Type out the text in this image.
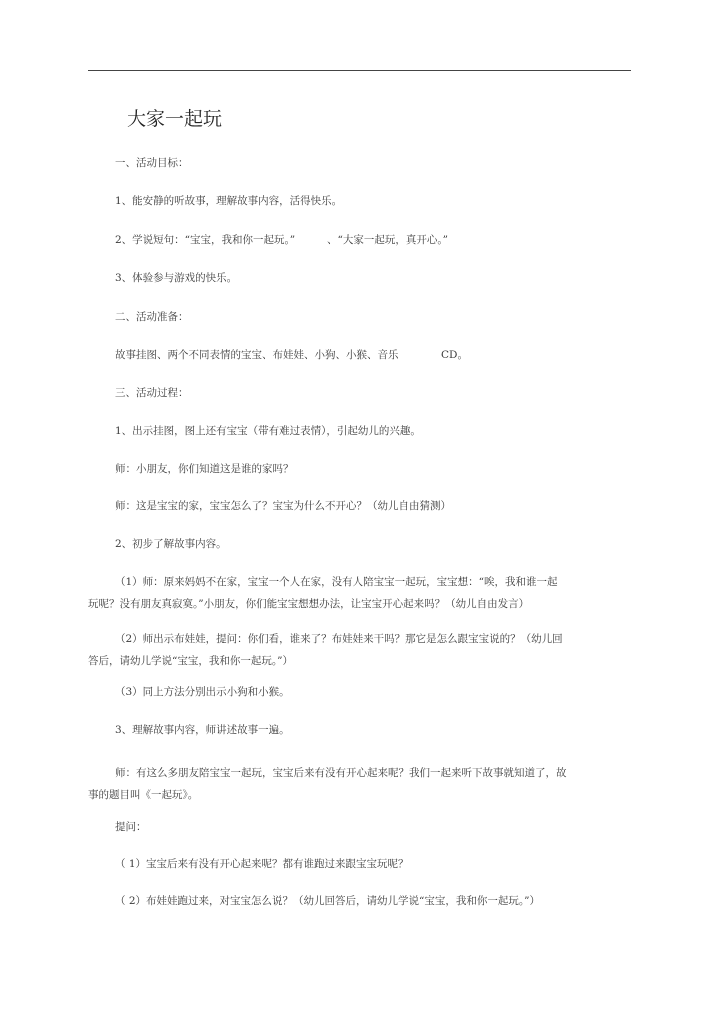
大家一起玩
一、活动目标：
1、能安静的听故事，理解故事内容，活得快乐。
2、学说短句：“宝宝，我和你一起玩。”	、“大家一起玩，真开心。”
3、体验参与游戏的快乐。
二、活动准备：
故事挂图、两个不同表情的宝宝、布娃娃、小狗、小猴、音乐	CD。
三、活动过程：
1、出示挂图，图上还有宝宝（带有难过表情），引起幼儿的兴趣。
师：小朋友，你们知道这是谁的家吗？
师：这是宝宝的家，宝宝怎么了？宝宝为什么不开心？（幼儿自由猜测）
2、初步了解故事内容。
（1）师：原来妈妈不在家，宝宝一个人在家，没有人陪宝宝一起玩，宝宝想：“唉，我和谁一起
玩呢？没有朋友真寂寞。”小朋友，你们能宝宝想想办法，让宝宝开心起来吗？（幼儿自由发言）
（2）师出示布娃娃，提问：你们看，谁来了？布娃娃来干吗？那它是怎么跟宝宝说的？（幼儿回
答后，请幼儿学说“宝宝，我和你一起玩。”）
（3）同上方法分别出示小狗和小猴。
3、理解故事内容，师讲述故事一遍。
师：有这么多朋友陪宝宝一起玩，宝宝后来有没有开心起来呢？我们一起来听下故事就知道了，故
事的题目叫《一起玩》。
提问：
（ 1）宝宝后来有没有开心起来呢？都有谁跑过来跟宝宝玩呢？
（ 2）布娃娃跑过来，对宝宝怎么说？（幼儿回答后，请幼儿学说“宝宝，我和你一起玩。”）
